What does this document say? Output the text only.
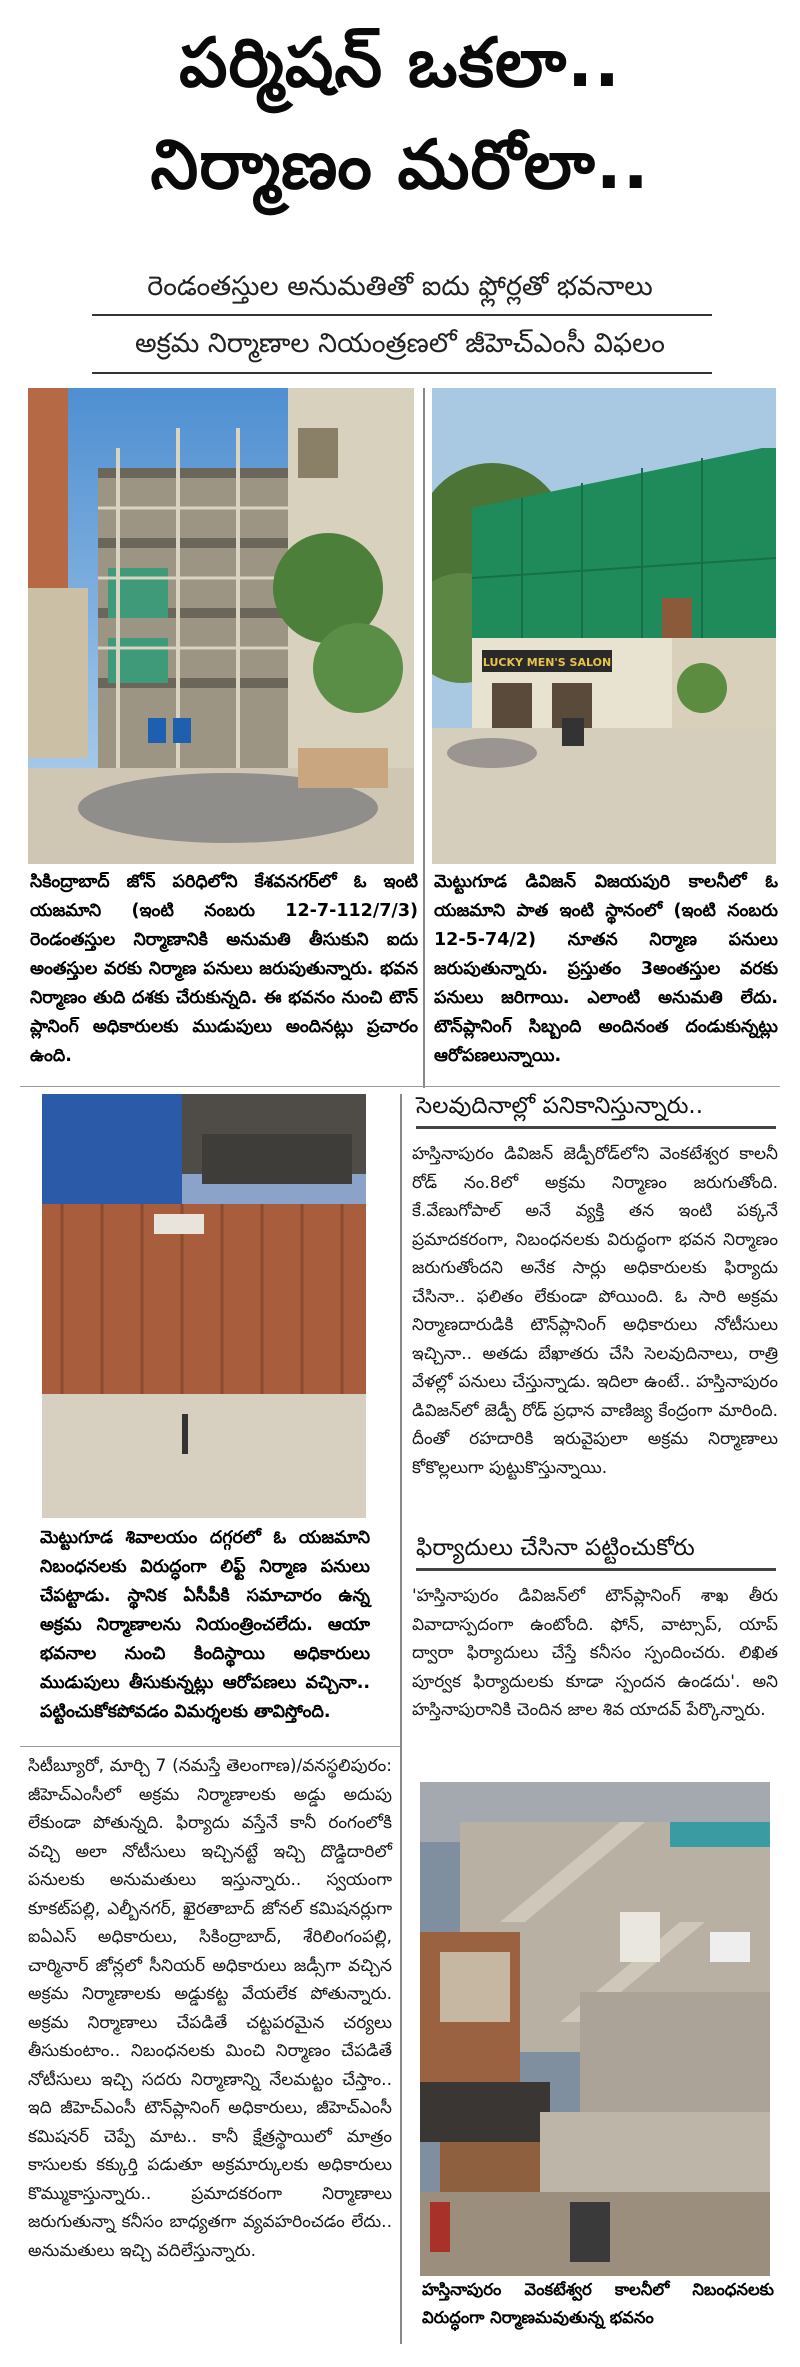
పర్మిషన్ ఒకలా..
నిర్మాణం మరోలా..
రెండంతస్తుల అనుమతితో ఐదు ఫ్లోర్లతో భవనాలు
అక్రమ నిర్మాణాల నియంత్రణలో జీహెచ్ఎంసీ విఫలం
LUCKY MEN'S SALON
సికింద్రాబాద్ జోన్ పరిధిలోని కేశవనగర్‌లో ఓ ఇంటి యజమాని (ఇంటి నంబరు 12-7-112/7/3) రెండంతస్తుల నిర్మాణానికి అనుమతి తీసుకుని ఐదు అంతస్తుల వరకు నిర్మాణ పనులు జరుపుతున్నారు. భవన నిర్మాణం తుది దశకు చేరుకున్నది. ఈ భవనం నుంచి టౌన్ ప్లానింగ్ అధికారులకు ముడుపులు అందినట్లు ప్రచారం ఉంది.
మెట్టుగూడ డివిజన్ విజయపురి కాలనీలో ఓ యజమాని పాత ఇంటి స్థానంలో (ఇంటి నంబరు 12-5-74/2) నూతన నిర్మాణ పనులు జరుపుతున్నారు. ప్రస్తుతం 3అంతస్తుల వరకు పనులు జరిగాయి. ఎలాంటి అనుమతి లేదు. టౌన్‌ప్లానింగ్ సిబ్బంది అందినంత దండుకున్నట్లు ఆరోపణలున్నాయి.
మెట్టుగూడ శివాలయం దగ్గరలో ఓ యజమాని నిబంధనలకు విరుద్ధంగా లిఫ్ట్ నిర్మాణ పనులు చేపట్టాడు. స్థానిక ఏసీపీకి సమాచారం ఉన్న అక్రమ నిర్మాణాలను నియంత్రించలేదు. ఆయా భవనాల నుంచి కిందిస్థాయి అధికారులు ముడుపులు తీసుకున్నట్లు ఆరోపణలు వచ్చినా.. పట్టించుకోకపోవడం విమర్శలకు తావిస్తోంది.
సెలవుదినాల్లో పనికానిస్తున్నారు..
హస్తినాపురం డివిజన్ జెడ్పీరోడ్‌లోని వెంకటేశ్వర కాలనీ రోడ్ నం.8లో అక్రమ నిర్మాణం జరుగుతోంది. కే.వేణుగోపాల్ అనే వ్యక్తి తన ఇంటి పక్కనే ప్రమాదకరంగా, నిబంధనలకు విరుద్ధంగా భవన నిర్మాణం జరుగుతోందని అనేక సార్లు అధికారులకు ఫిర్యాదు చేసినా.. ఫలితం లేకుండా పోయింది. ఓ సారి అక్రమ నిర్మాణదారుడికి టౌన్‌ప్లానింగ్ అధికారులు నోటీసులు ఇచ్చినా.. అతడు బేఖాతరు చేసి సెలవుదినాలు, రాత్రి వేళల్లో పనులు చేస్తున్నాడు. ఇదిలా ఉంటే.. హస్తినాపురం డివిజన్‌లో జెడ్పీ రోడ్ ప్రధాన వాణిజ్య కేంద్రంగా మారింది. దీంతో రహదారికి ఇరువైపులా అక్రమ నిర్మాణాలు కోకొల్లలుగా పుట్టుకొస్తున్నాయి.
ఫిర్యాదులు చేసినా పట్టించుకోరు
'హస్తినాపురం డివిజన్‌లో టౌన్‌ప్లానింగ్ శాఖ తీరు వివాదాస్పదంగా ఉంటోంది. ఫోన్, వాట్సాప్, యాప్ ద్వారా ఫిర్యాదులు చేస్తే కనీసం స్పందించరు. లిఖిత పూర్వక ఫిర్యాదులకు కూడా స్పందన ఉండదు'. అని హస్తినాపురానికి చెందిన జాల శివ యాదవ్ పేర్కొన్నారు.
సిటీబ్యూరో, మార్చి 7 (నమస్తే తెలంగాణ)/వనస్థలిపురం: జీహెచ్ఎంసీలో అక్రమ నిర్మాణాలకు అడ్డు అదుపు లేకుండా పోతున్నది. ఫిర్యాదు వస్తేనే కానీ రంగంలోకి వచ్చి అలా నోటీసులు ఇచ్చినట్టే ఇచ్చి దొడ్డిదారిలో పనులకు అనుమతులు ఇస్తున్నారు.. స్వయంగా కూకట్‌పల్లి, ఎల్బీనగర్, ఖైరతాబాద్ జోనల్ కమిషనర్లుగా ఐఏఎస్ అధికారులు, సికింద్రాబాద్, శేరిలింగంపల్లి, చార్మినార్ జోన్లలో సీనియర్ అధికారులు జడ్సీగా వచ్చిన అక్రమ నిర్మాణాలకు అడ్డుకట్ట వేయలేక పోతున్నారు. అక్రమ నిర్మాణాలు చేపడితే చట్టపరమైన చర్యలు తీసుకుంటాం.. నిబంధనలకు మించి నిర్మాణం చేపడితే నోటీసులు ఇచ్చి సదరు నిర్మాణాన్ని నేలమట్టం చేస్తాం.. ఇది జీహెచ్ఎంసీ టౌన్‌ప్లానింగ్ అధికారులు, జీహెచ్ఎంసీ కమిషనర్ చెప్పే మాట.. కానీ క్షేత్రస్థాయిలో మాత్రం కాసులకు కక్కుర్తి పడుతూ అక్రమార్కులకు అధికారులు కొమ్ముకాస్తున్నారు.. ప్రమాదకరంగా నిర్మాణాలు జరుగుతున్నా కనీసం బాధ్యతగా వ్యవహరించడం లేదు.. అనుమతులు ఇచ్చి వదిలేస్తున్నారు.
హస్తినాపురం వెంకటేశ్వర కాలనీలో నిబంధనలకు విరుద్ధంగా నిర్మాణమవుతున్న భవనం
